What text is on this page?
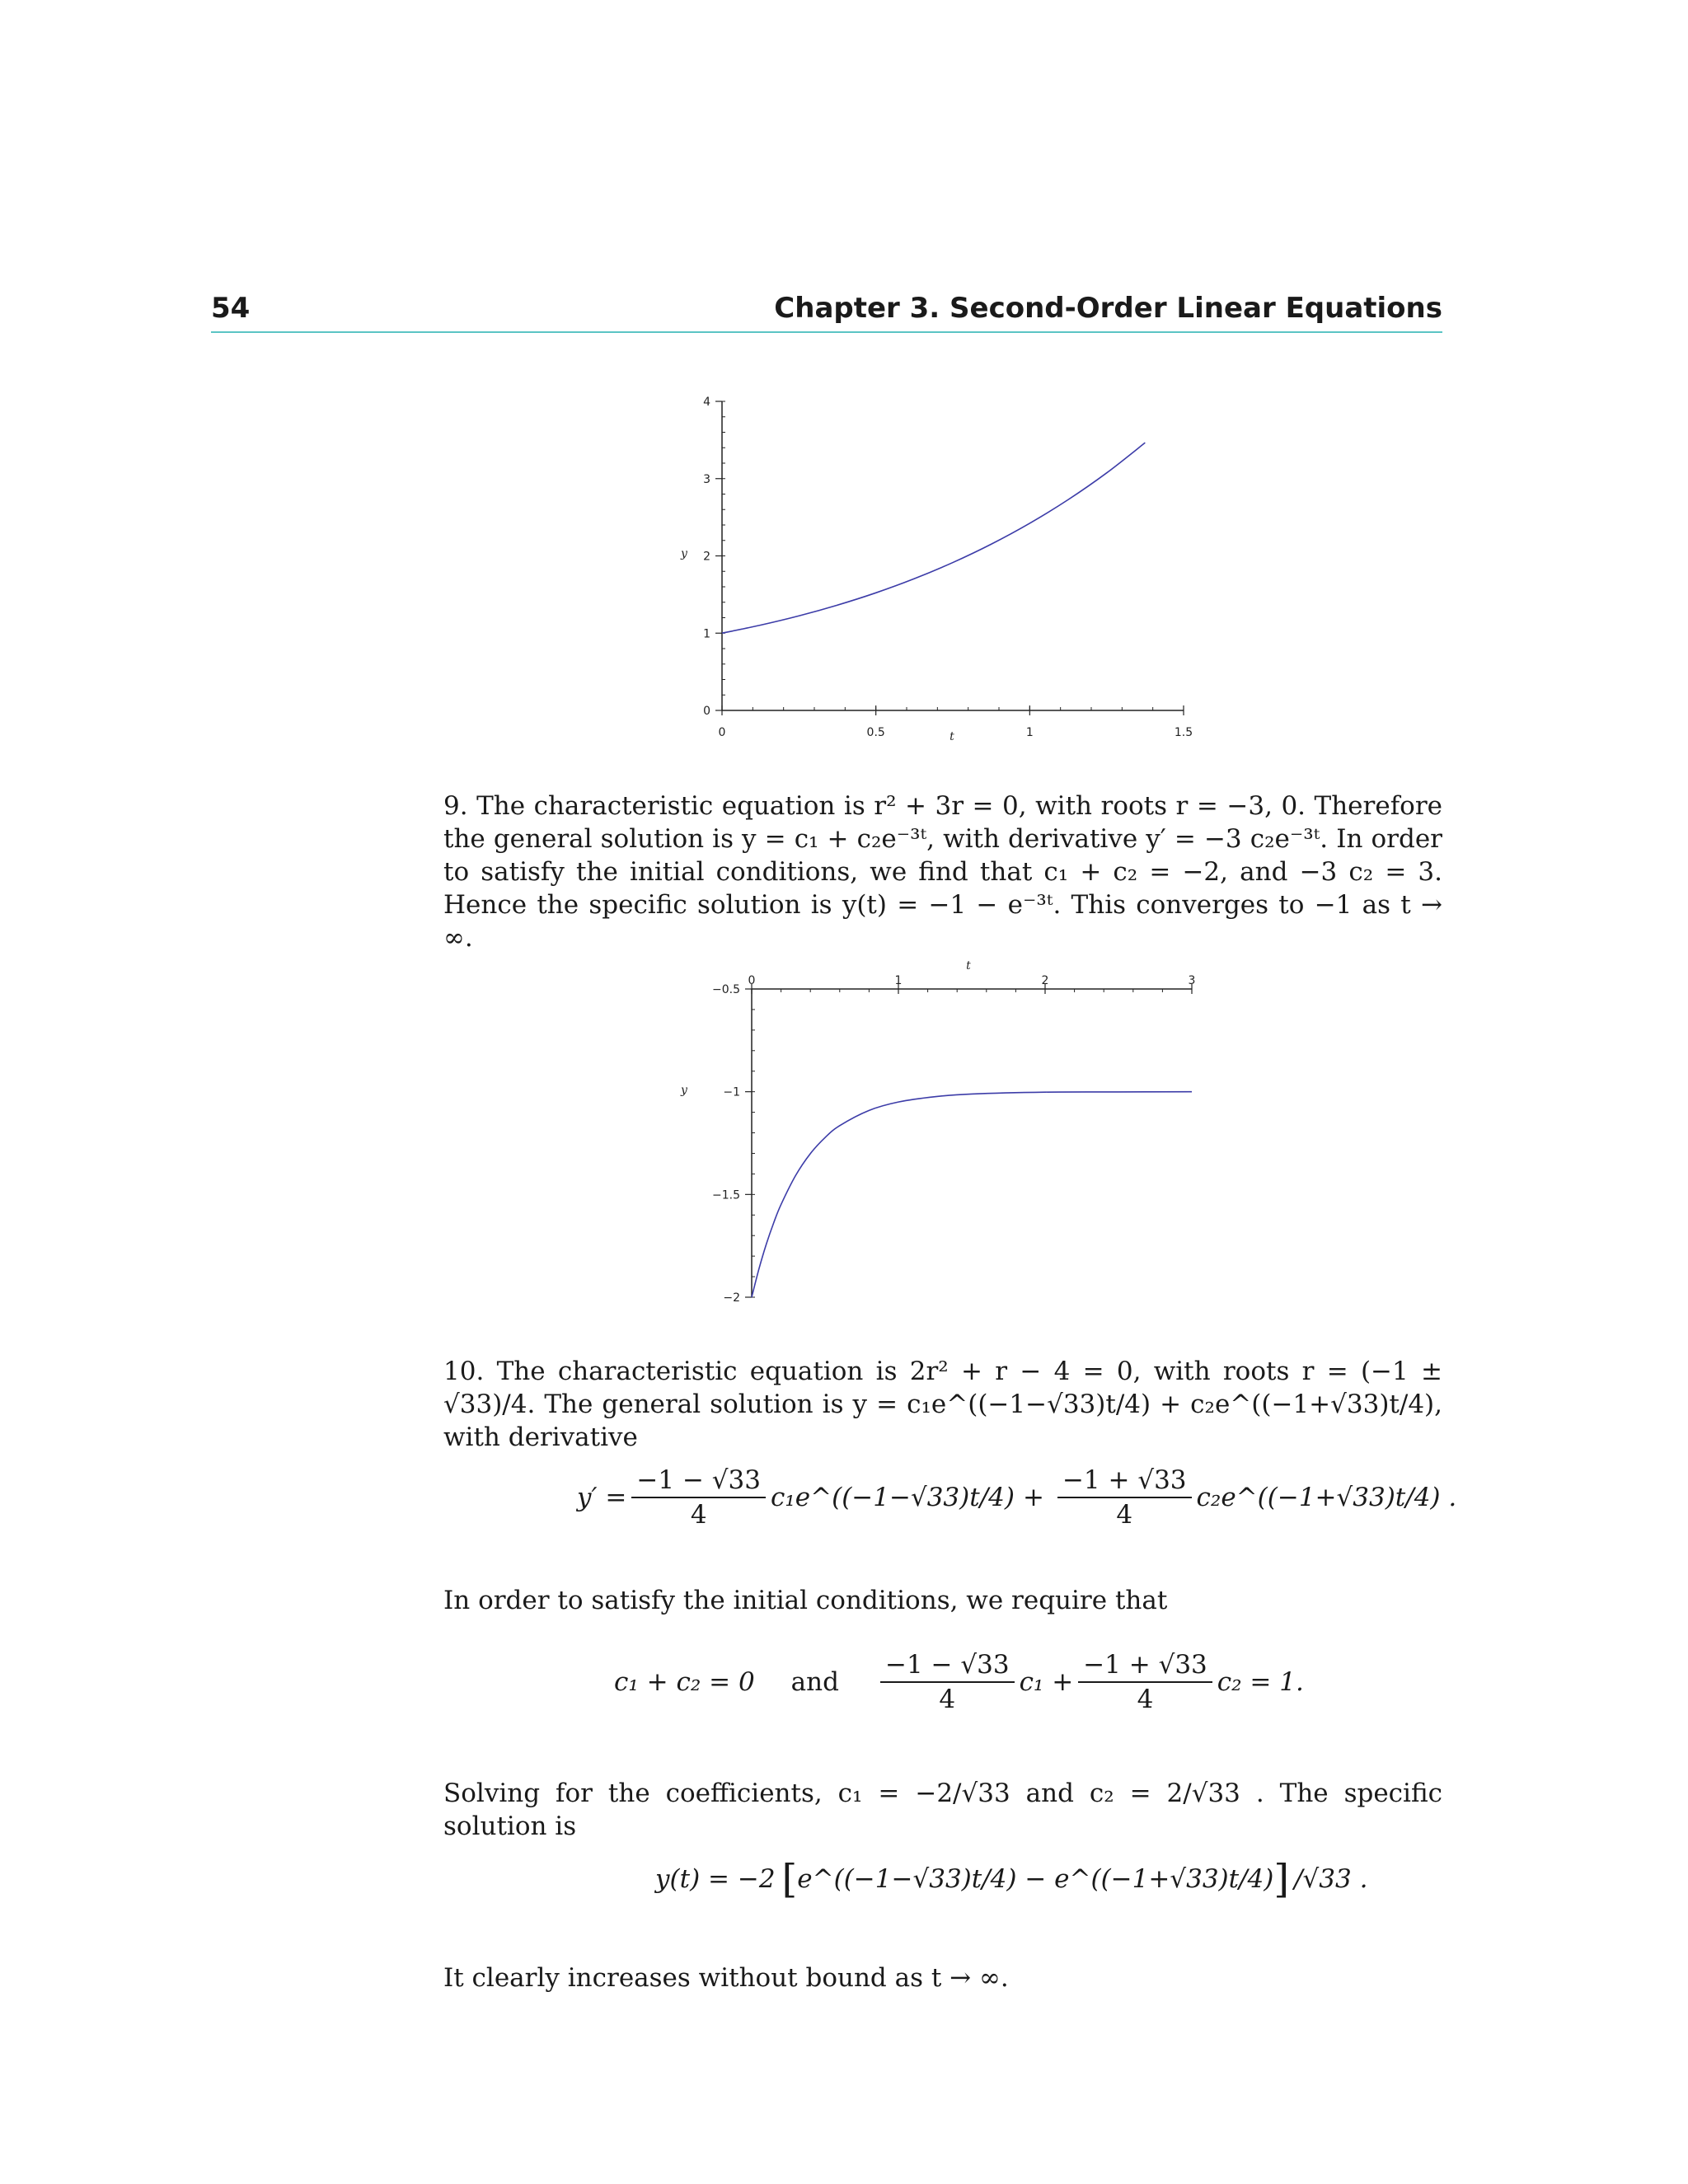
54	Chapter 3. Second-Order Linear Equations
0
1
2
3
4
0	0.5	1	1.5
t
y

9. The characteristic equation is r² + 3r = 0, with roots r = −3, 0. Therefore the general solution is y = c₁ + c₂e⁻³ᵗ, with derivative y′ = −3 c₂e⁻³ᵗ. In order to satisfy the initial conditions, we find that c₁ + c₂ = −2, and −3 c₂ = 3. Hence the specific solution is y(t) = −1 − e⁻³ᵗ. This converges to −1 as t → ∞.

−0.5
−1
−1.5
−2
0	1	2	3
t
y

10. The characteristic equation is 2r² + r − 4 = 0, with roots r = (−1 ± √33)/4. The general solution is y = c₁e^((−1−√33)t/4) + c₂e^((−1+√33)t/4), with derivative

$y' = \frac{-1 - √33}{4}$ c₁e^((−1−√33)t/4) + $\frac{-1 + √33}{4}$ c₂e^((−1+√33)t/4) .

In order to satisfy the initial conditions, we require that

c₁ + c₂ = 0 and $\frac{-1 - √33}{4} c_1 + \frac{-1 + √33}{4} c_2 = 1$.

Solving for the coefficients, c₁ = −2/√33 and c₂ = 2/√33 . The specific solution is

y(t) = −2 [ e^((−1−√33)t/4) − e^((−1+√33)t/4) ] /√33 .

It clearly increases without bound as t → ∞.
